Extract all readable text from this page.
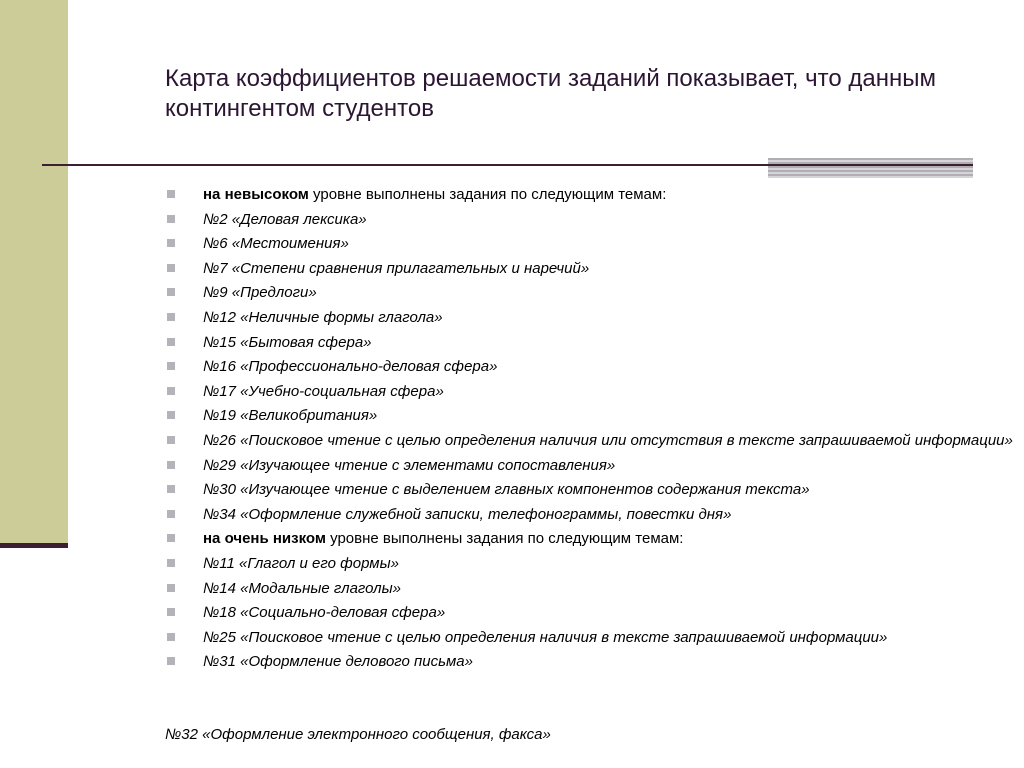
Карта коэффициентов решаемости заданий показывает, что данным контингентом студентов
на невысоком уровне выполнены задания по следующим темам:
№2 «Деловая лексика»
№6 «Местоимения»
№7 «Степени сравнения прилагательных и наречий»
№9 «Предлоги»
№12 «Неличные формы глагола»
№15 «Бытовая сфера»
№16 «Профессионально-деловая сфера»
№17 «Учебно-социальная сфера»
№19 «Великобритания»
№26 «Поисковое чтение с целью определения наличия или отсутствия в тексте запрашиваемой информации»
№29 «Изучающее чтение с элементами сопоставления»
№30 «Изучающее чтение с выделением главных компонентов содержания текста»
№34 «Оформление служебной записки, телефонограммы, повестки дня»
на очень низком уровне выполнены задания по следующим темам:
№11 «Глагол и его формы»
№14 «Модальные глаголы»
№18 «Социально-деловая сфера»
№25 «Поисковое чтение с целью определения наличия в тексте запрашиваемой информации»
№31 «Оформление делового письма»
№32 «Оформление электронного сообщения, факса»
